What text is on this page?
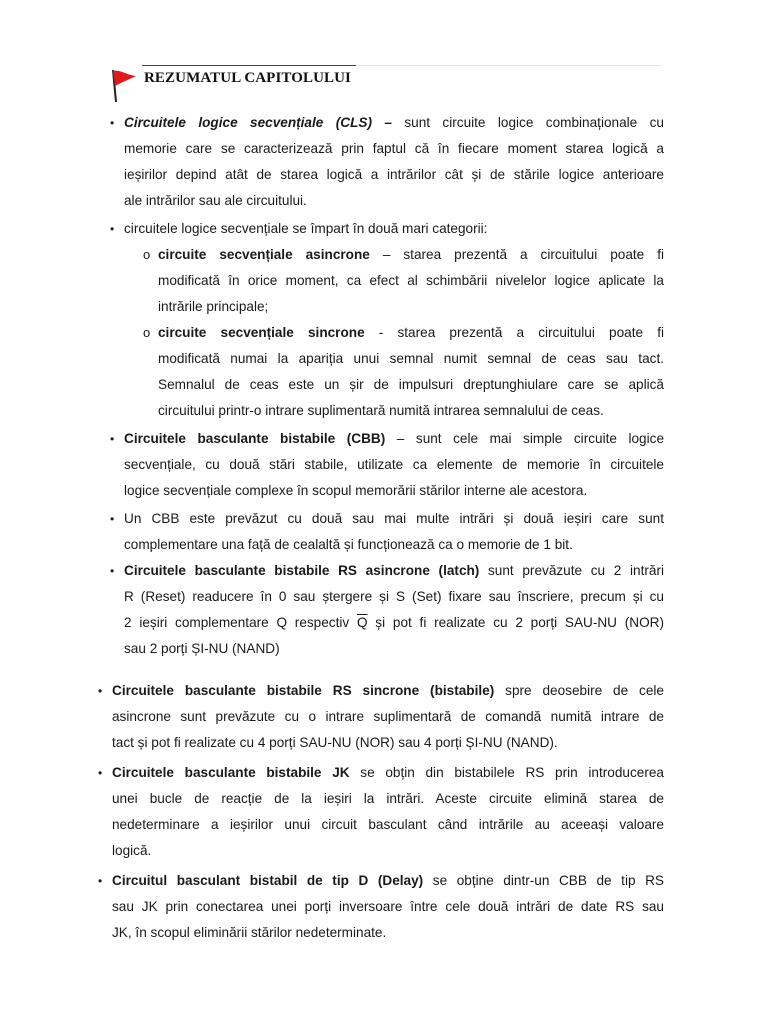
REZUMATUL CAPITOLULUI
• Circuitele logice secvențiale (CLS) – sunt circuite logice combinaționale cu
memorie care se caracterizează prin faptul că în fiecare moment starea logică a
ieșirilor depind atât de starea logică a intrărilor cât și de stările logice anterioare
ale intrărilor sau ale circuitului.
• circuitele logice secvențiale se împart în două mari categorii:
o circuite secvențiale asincrone – starea prezentă a circuitului poate fi
modificată în orice moment, ca efect al schimbării nivelelor logice aplicate la
intrările principale;
o circuite secvențiale sincrone - starea prezentă a circuitului poate fi
modificată numai la apariția unui semnal numit semnal de ceas sau tact.
Semnalul de ceas este un șir de impulsuri dreptunghiulare care se aplică
circuitului printr-o intrare suplimentară numită intrarea semnalului de ceas.
• Circuitele basculante bistabile (CBB) – sunt cele mai simple circuite logice
secvențiale, cu două stări stabile, utilizate ca elemente de memorie în circuitele
logice secvențiale complexe în scopul memorării stărilor interne ale acestora.
• Un CBB este prevăzut cu două sau mai multe intrări și două ieșiri care sunt
complementare una față de cealaltă și funcționează ca o memorie de 1 bit.
• Circuitele basculante bistabile RS asincrone (latch) sunt prevăzute cu 2 intrări
R (Reset) readucere în 0 sau ștergere și S (Set) fixare sau înscriere, precum și cu
2 ieșiri complementare Q respectiv $\overline{Q}$ și pot fi realizate cu 2 porți SAU-NU (NOR)
sau 2 porți ȘI-NU (NAND)
• Circuitele basculante bistabile RS sincrone (bistabile) spre deosebire de cele
asincrone sunt prevăzute cu o intrare suplimentară de comandă numită intrare de
tact și pot fi realizate cu 4 porți SAU-NU (NOR) sau 4 porți ȘI-NU (NAND).
• Circuitele basculante bistabile JK se obțin din bistabilele RS prin introducerea
unei bucle de reacție de la ieșiri la intrări. Aceste circuite elimină starea de
nedeterminare a ieșirilor unui circuit basculant când intrările au aceeași valoare
logică.
• Circuitul basculant bistabil de tip D (Delay) se obține dintr-un CBB de tip RS
sau JK prin conectarea unei porți inversoare între cele două intrări de date RS sau
JK, în scopul eliminării stărilor nedeterminate.
